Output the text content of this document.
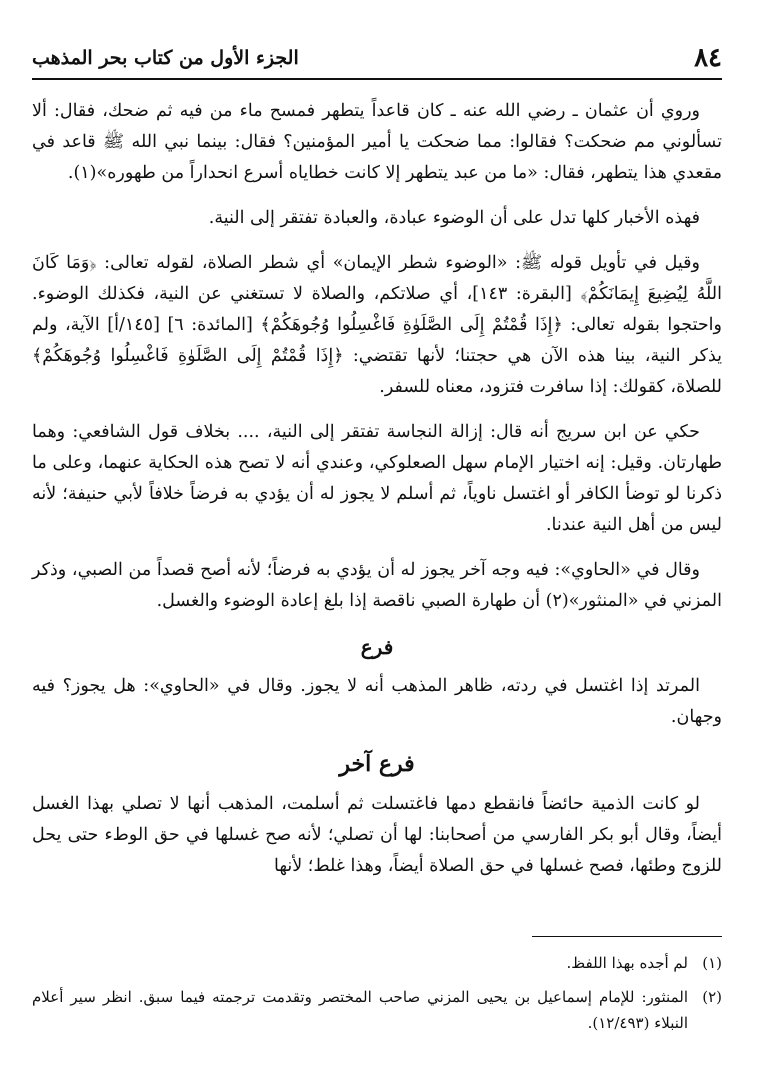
٨٤
الجزء الأول من كتاب بحر المذهب

وروي أن عثمان ـ رضي الله عنه ـ كان قاعداً يتطهر فمسح ماء من فيه ثم ضحك، فقال: ألا تسألوني مم ضحكت؟ فقالوا: مما ضحكت يا أمير المؤمنين؟ فقال: بينما نبي الله ﷺ قاعد في مقعدي هذا يتطهر، فقال: «ما من عبد يتطهر إلا كانت خطاياه أسرع انحداراً من طهوره»(١).

فهذه الأخبار كلها تدل على أن الوضوء عبادة، والعبادة تفتقر إلى النية.

وقيل في تأويل قوله ﷺ: «الوضوء شطر الإيمان» أي شطر الصلاة، لقوله تعالى: ﴿وَمَا كَانَ اللَّهُ لِيُضِيعَ إِيمَانَكُمْ﴾ [البقرة: ١٤٣]، أي صلاتكم، والصلاة لا تستغني عن النية، فكذلك الوضوء. واحتجوا بقوله تعالى: ﴿إِذَا قُمْتُمْ إِلَى الصَّلَوٰةِ فَاغْسِلُوا وُجُوهَكُمْ﴾ [المائدة: ٦] [١٤٥/أ] الآية، ولم يذكر النية، بينا هذه الآن هي حجتنا؛ لأنها تقتضي: ﴿إِذَا قُمْتُمْ إِلَى الصَّلَوٰةِ فَاغْسِلُوا وُجُوهَكُمْ﴾ للصلاة، كقولك: إذا سافرت فتزود، معناه للسفر.

حكي عن ابن سريج أنه قال: إزالة النجاسة تفتقر إلى النية، .... بخلاف قول الشافعي: وهما طهارتان. وقيل: إنه اختيار الإمام سهل الصعلوكي، وعندي أنه لا تصح هذه الحكاية عنهما، وعلى ما ذكرنا لو توضأ الكافر أو اغتسل ناوياً، ثم أسلم لا يجوز له أن يؤدي به فرضاً خلافاً لأبي حنيفة؛ لأنه ليس من أهل النية عندنا.

وقال في «الحاوي»: فيه وجه آخر يجوز له أن يؤدي به فرضاً؛ لأنه أصح قصداً من الصبي، وذكر المزني في «المنثور»(٢) أن طهارة الصبي ناقصة إذا بلغ إعادة الوضوء والغسل.

فرع

المرتد إذا اغتسل في ردته، ظاهر المذهب أنه لا يجوز. وقال في «الحاوي»: هل يجوز؟ فيه وجهان.

فرع آخر

لو كانت الذمية حائضاً فانقطع دمها فاغتسلت ثم أسلمت، المذهب أنها لا تصلي بهذا الغسل أيضاً، وقال أبو بكر الفارسي من أصحابنا: لها أن تصلي؛ لأنه صح غسلها في حق الوطء حتى يحل للزوج وطئها، فصح غسلها في حق الصلاة أيضاً، وهذا غلط؛ لأنها

(١)
لم أجده بهذا اللفظ.
(٢)
المنثور: للإمام إسماعيل بن يحيى المزني صاحب المختصر وتقدمت ترجمته فيما سبق. انظر سير أعلام النبلاء (١٢/٤٩٣).
